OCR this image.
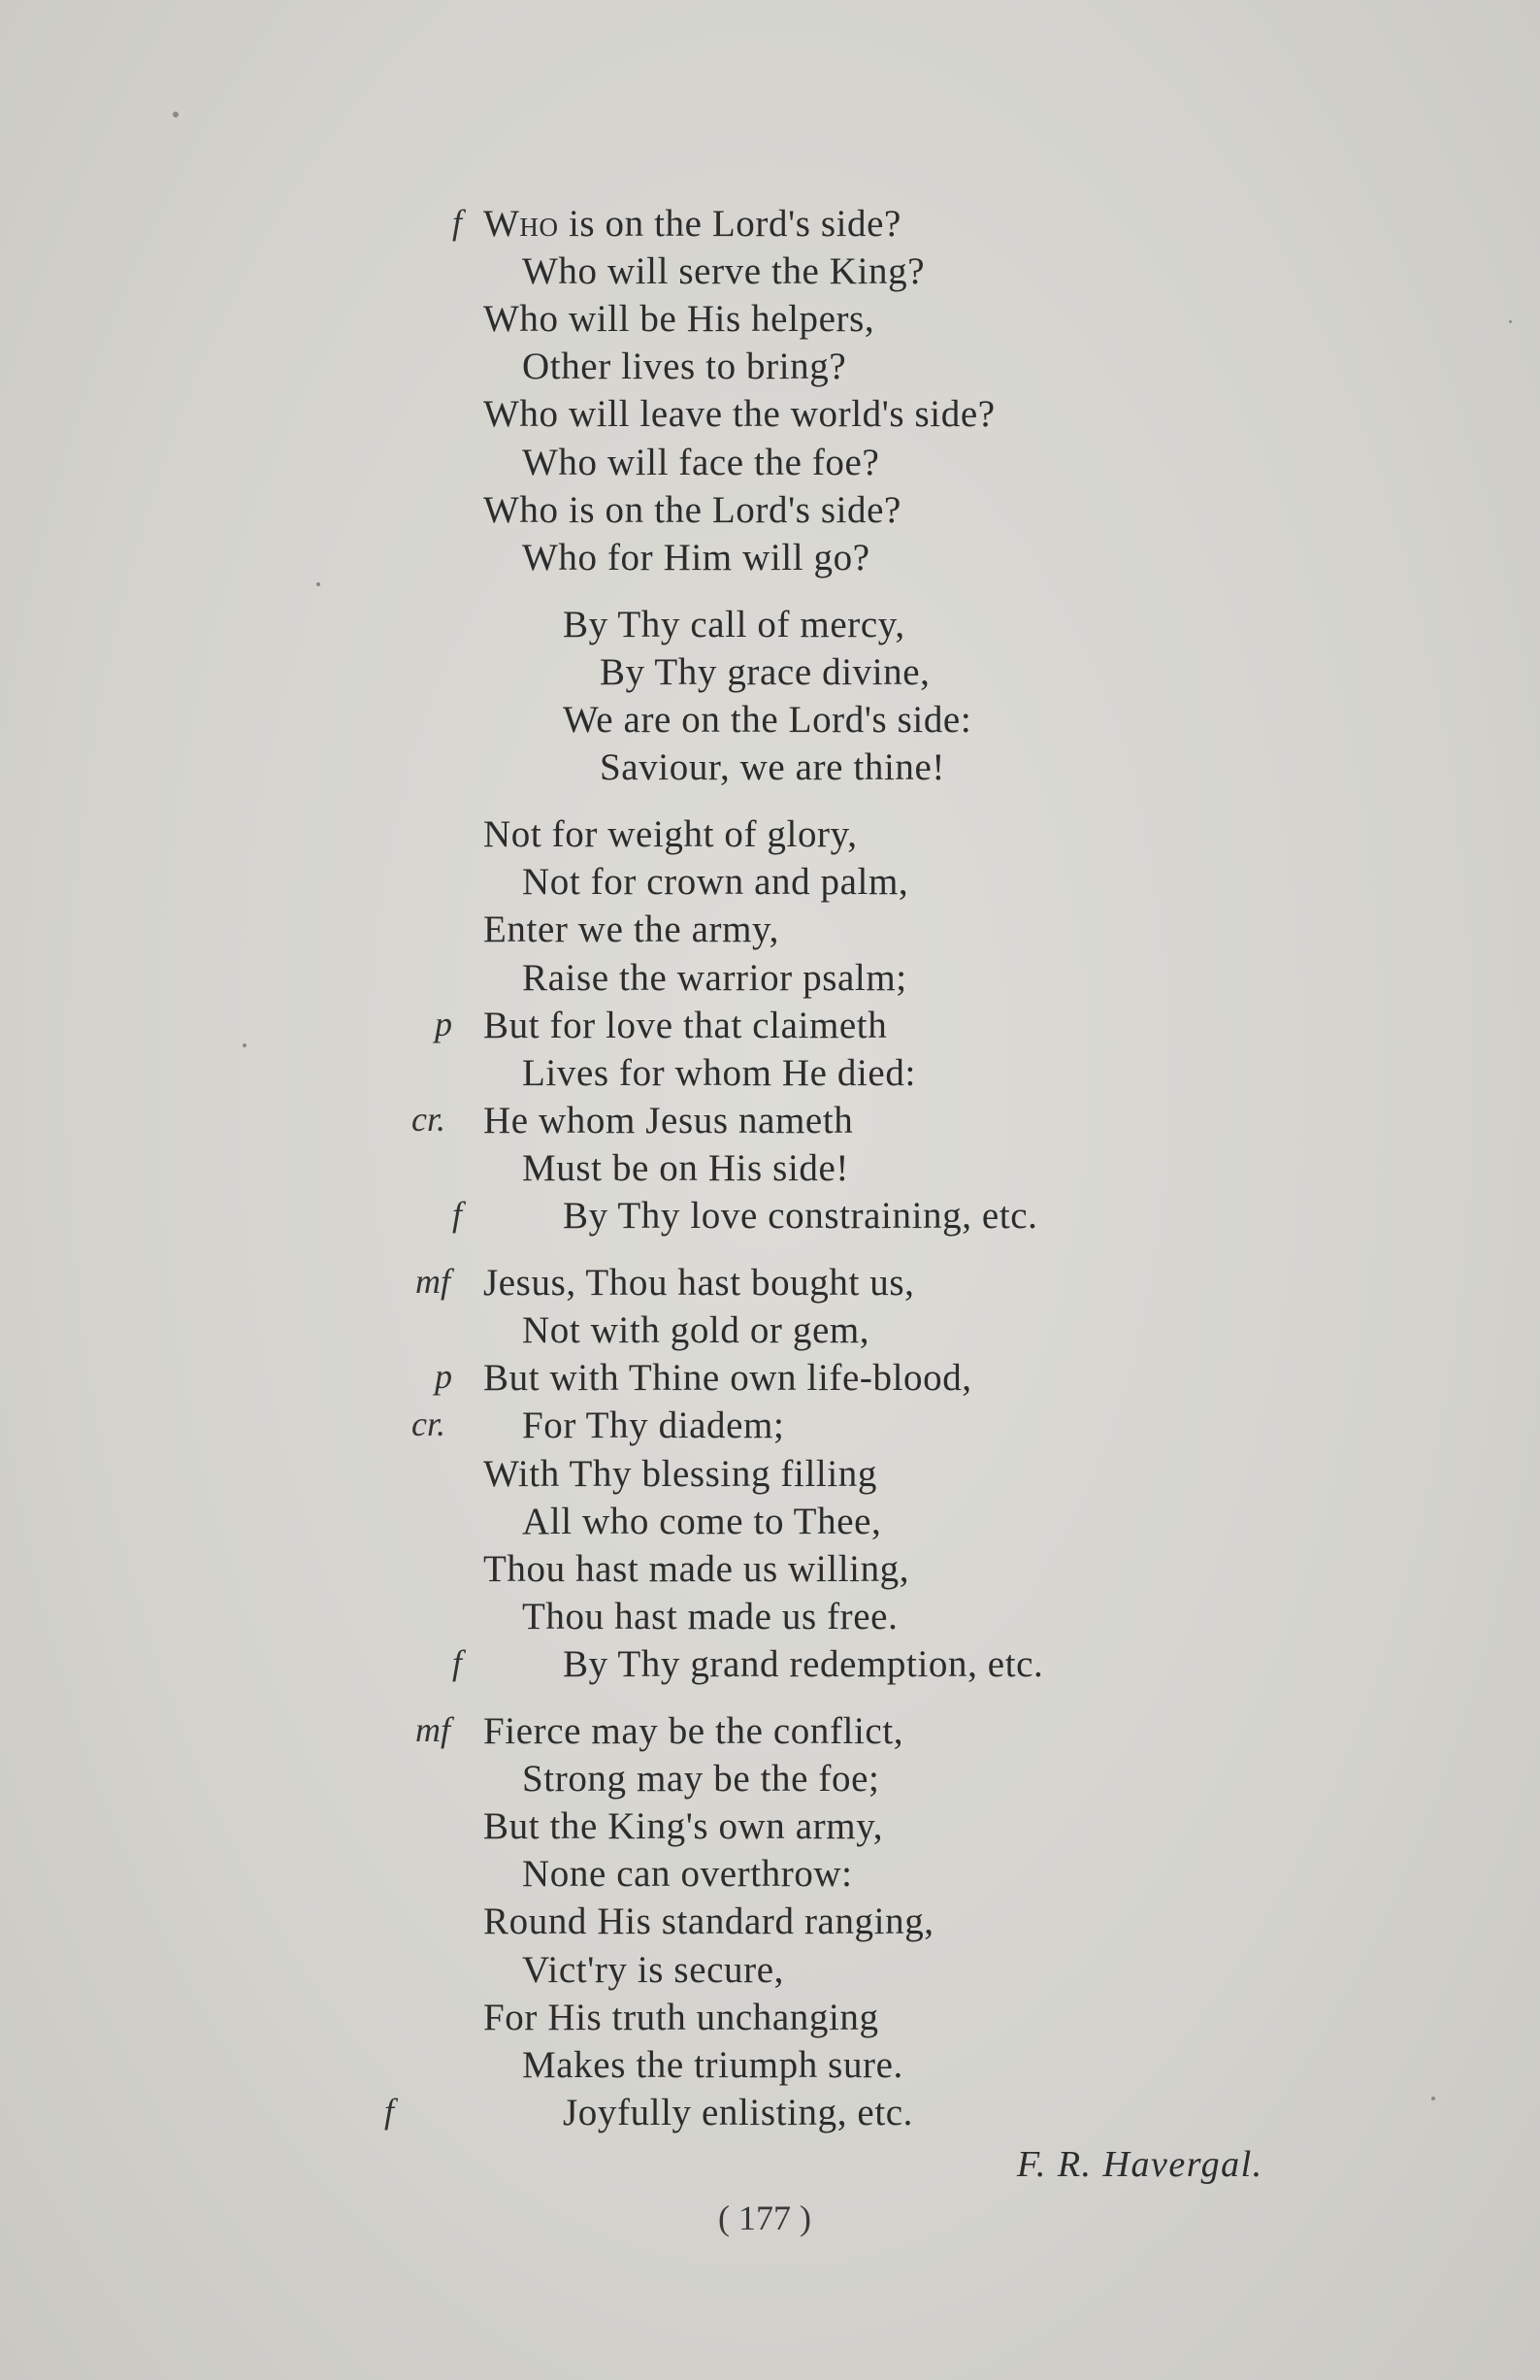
f Who is on the Lord's side?
Who will serve the King?
Who will be His helpers,
Other lives to bring?
Who will leave the world's side?
Who will face the foe?
Who is on the Lord's side?
Who for Him will go?
By Thy call of mercy,
By Thy grace divine,
We are on the Lord's side:
Saviour, we are thine!
Not for weight of glory,
Not for crown and palm,
Enter we the army,
Raise the warrior psalm;
p But for love that claimeth
Lives for whom He died:
cr. He whom Jesus nameth
Must be on His side!
f	By Thy love constraining, etc.
mf Jesus, Thou hast bought us,
Not with gold or gem,
p But with Thine own life-blood,
cr. For Thy diadem;
With Thy blessing filling
All who come to Thee,
Thou hast made us willing,
Thou hast made us free.
f	By Thy grand redemption, etc.
mf Fierce may be the conflict,
Strong may be the foe;
But the King's own army,
None can overthrow:
Round His standard ranging,
Vict'ry is secure,
For His truth unchanging
Makes the triumph sure.
f	Joyfully enlisting, etc.
F. R. Havergal.
( 177 )
